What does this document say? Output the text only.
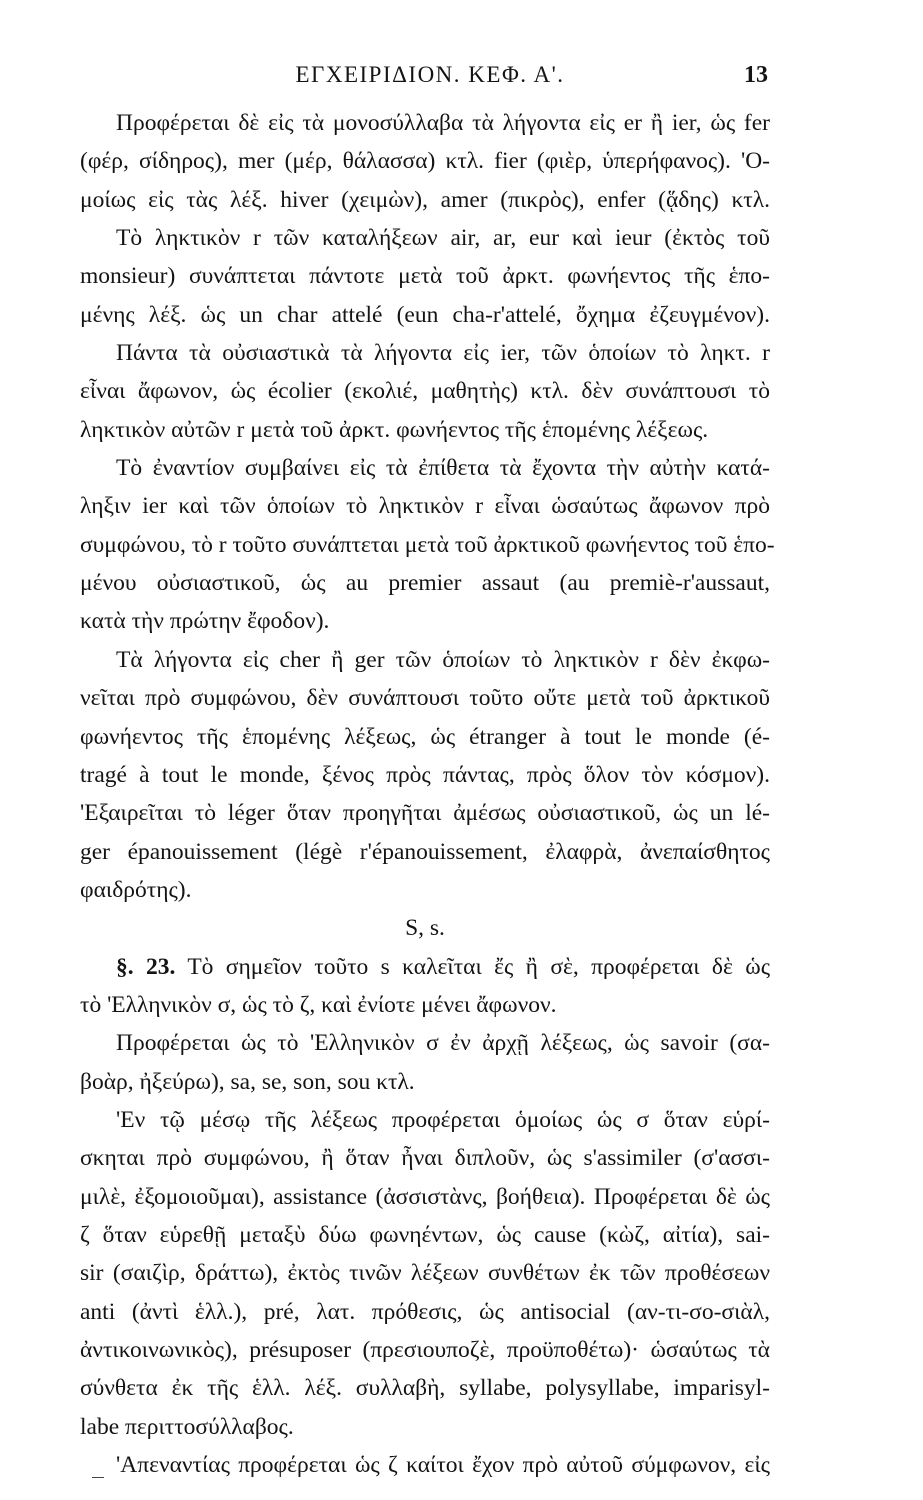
ΕΓΧΕΙΡΙΔΙΟΝ. ΚΕΦ. Α'.	13
Προφέρεται δὲ εἰς τὰ μονοσύλλαβα τὰ λήγοντα εἰς er ἢ ier, ὡς fer
(φέρ, σίδηρος), mer (μέρ, θάλασσα) κτλ. fier (φιὲρ, ὑπερήφανος). 'Ο-
μοίως εἰς τὰς λέξ. hiver (χειμὼν), amer (πικρὸς), enfer (ᾅδης) κτλ.
Τὸ ληκτικὸν r τῶν καταλήξεων air, ar, eur καὶ ieur (ἐκτὸς τοῦ
monsieur) συνάπτεται πάντοτε μετὰ τοῦ ἀρκτ. φωνήεντος τῆς ἑπο-
μένης λέξ. ὡς un char attelé (eun cha-r'attelé, ὄχημα ἐζευγμένον).
Πάντα τὰ οὐσιαστικὰ τὰ λήγοντα εἰς ier, τῶν ὁποίων τὸ ληκτ. r
εἶναι ἄφωνον, ὡς écolier (εκολιέ, μαθητὴς) κτλ. δὲν συνάπτουσι τὸ
ληκτικὸν αὐτῶν r μετὰ τοῦ ἀρκτ. φωνήεντος τῆς ἑπομένης λέξεως.
Τὸ ἐναντίον συμβαίνει εἰς τὰ ἐπίθετα τὰ ἔχοντα τὴν αὐτὴν κατά-
ληξιν ier καὶ τῶν ὁποίων τὸ ληκτικὸν r εἶναι ὡσαύτως ἄφωνον πρὸ
συμφώνου, τὸ r τοῦτο συνάπτεται μετὰ τοῦ ἀρκτικοῦ φωνήεντος τοῦ ἑπο-
μένου οὐσιαστικοῦ, ὡς au premier assaut (au premiè-r'aussaut,
κατὰ τὴν πρώτην ἔφοδον).
Τὰ λήγοντα εἰς cher ἢ ger τῶν ὁποίων τὸ ληκτικὸν r δὲν ἐκφω-
νεῖται πρὸ συμφώνου, δὲν συνάπτουσι τοῦτο οὔτε μετὰ τοῦ ἀρκτικοῦ
φωνήεντος τῆς ἑπομένης λέξεως, ὡς étranger à tout le monde (é-
tragé à tout le monde, ξένος πρὸς πάντας, πρὸς ὅλον τὸν κόσμον).
'Εξαιρεῖται τὸ léger ὅταν προηγῆται ἀμέσως οὐσιαστικοῦ, ὡς un lé-
ger épanouissement (légè r'épanouissement, ἐλαφρὰ, ἀνεπαίσθητος
φαιδρότης).
S, s.
§. 23. Τὸ σημεῖον τοῦτο s καλεῖται ἔς ἢ σὲ, προφέρεται δὲ ὡς
τὸ 'Ελληνικὸν σ, ὡς τὸ ζ, καὶ ἐνίοτε μένει ἄφωνον.
Προφέρεται ὡς τὸ 'Ελληνικὸν σ ἐν ἀρχῇ λέξεως, ὡς savoir (σα-
βοὰρ, ἠξεύρω), sa, se, son, sou κτλ.
'Εν τῷ μέσῳ τῆς λέξεως προφέρεται ὁμοίως ὡς σ ὅταν εὑρί-
σκηται πρὸ συμφώνου, ἢ ὅταν ἦναι διπλοῦν, ὡς s'assimiler (σ'ασσι-
μιλὲ, ἐξομοιοῦμαι), assistance (ἀσσιστὰνς, βοήθεια). Προφέρεται δὲ ὡς
ζ ὅταν εὑρεθῇ μεταξὺ δύω φωνηέντων, ὡς cause (κὼζ, αἰτία), sai-
sir (σαιζὶρ, δράττω), ἐκτὸς τινῶν λέξεων συνθέτων ἐκ τῶν προθέσεων
anti (ἀντὶ ἑλλ.), pré, λατ. πρόθεσις, ὡς antisocial (αν-τι-σο-σιὰλ,
ἀντικοινωνικὸς), présuposer (πρεσιουποζὲ, προϋποθέτω)· ὡσαύτως τὰ
σύνθετα ἐκ τῆς ἑλλ. λέξ. συλλαβὴ, syllabe, polysyllabe, imparisyl-
labe περιττοσύλλαβος.
'Απεναντίας προφέρεται ὡς ζ καίτοι ἔχον πρὸ αὐτοῦ σύμφωνον, εἰς
